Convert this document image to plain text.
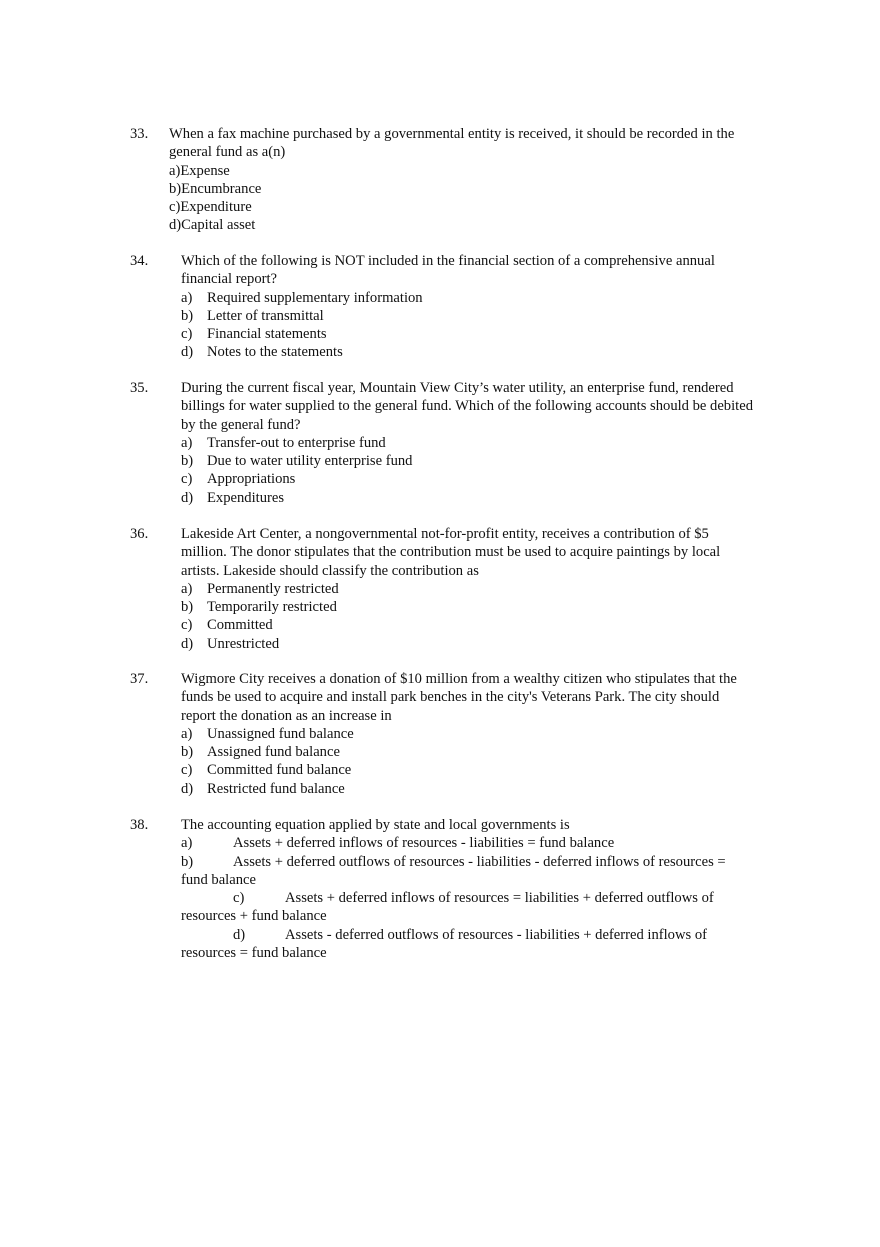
33. When a fax machine purchased by a governmental entity is received, it should be recorded in the general fund as a(n)

a)Expense

b)Encumbrance

c)Expenditure

d)Capital asset

34. Which of the following is NOT included in the financial section of a comprehensive annual financial report?

a) Required supplementary information

b) Letter of transmittal

c) Financial statements

d) Notes to the statements

35. During the current fiscal year, Mountain View City’s water utility, an enterprise fund, rendered billings for water supplied to the general fund. Which of the following accounts should be debited by the general fund?

a) Transfer-out to enterprise fund

b) Due to water utility enterprise fund

c) Appropriations

d) Expenditures

36. Lakeside Art Center, a nongovernmental not-for-profit entity, receives a contribution of $5 million. The donor stipulates that the contribution must be used to acquire paintings by local artists. Lakeside should classify the contribution as

a) Permanently restricted

b) Temporarily restricted

c) Committed

d) Unrestricted

37. Wigmore City receives a donation of $10 million from a wealthy citizen who stipulates that the funds be used to acquire and install park benches in the city's Veterans Park. The city should report the donation as an increase in

a) Unassigned fund balance

b) Assigned fund balance

c) Committed fund balance

d) Restricted fund balance

38. The accounting equation applied by state and local governments is

a)	Assets + deferred inflows of resources - liabilities = fund balance

b)	Assets + deferred outflows of resources - liabilities - deferred inflows of resources = fund balance

c)	Assets + deferred inflows of resources = liabilities + deferred outflows of resources + fund balance

d)	Assets - deferred outflows of resources - liabilities + deferred inflows of resources = fund balance
